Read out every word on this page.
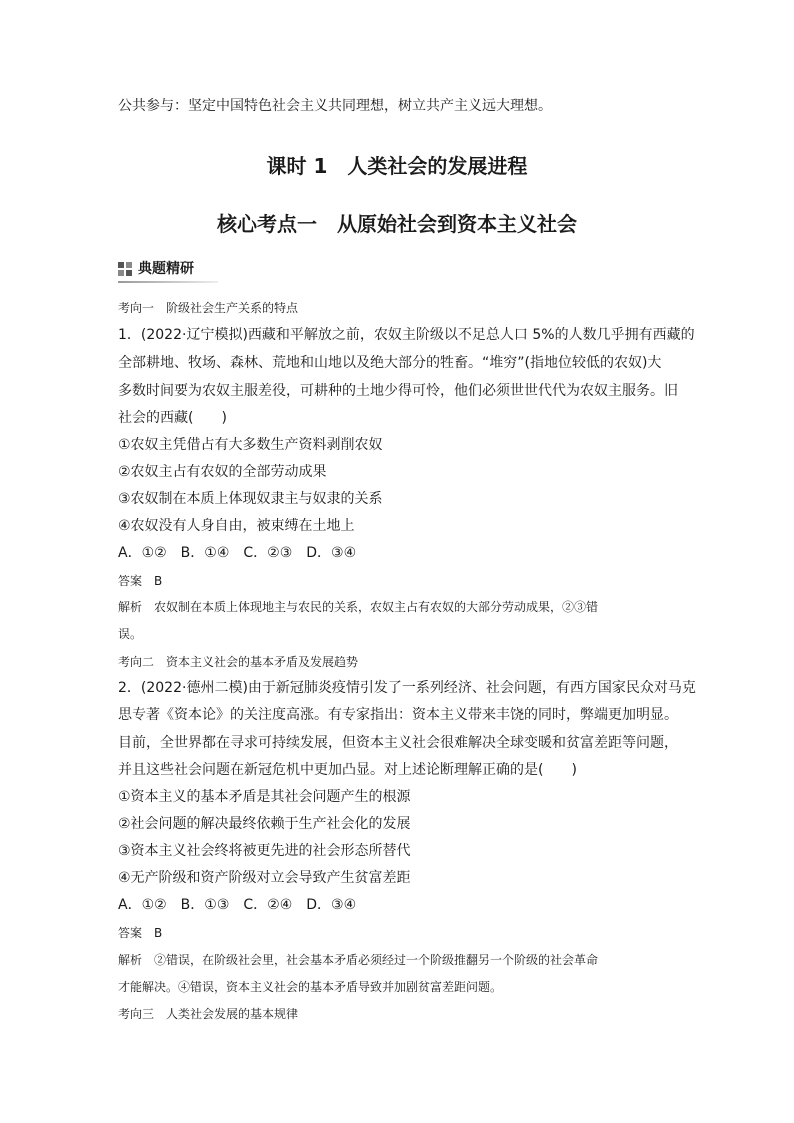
公共参与：坚定中国特色社会主义共同理想，树立共产主义远大理想。
课时 1　人类社会的发展进程
核心考点一　从原始社会到资本主义社会
典题精研
考向一　阶级社会生产关系的特点
1．(2022·辽宁模拟)西藏和平解放之前，农奴主阶级以不足总人口 5%的人数几乎拥有西藏的
全部耕地、牧场、森林、荒地和山地以及绝大部分的牲畜。“堆穷”(指地位较低的农奴)大
多数时间要为农奴主服差役，可耕种的土地少得可怜，他们必须世世代代为农奴主服务。旧
社会的西藏(　　)
①农奴主凭借占有大多数生产资料剥削农奴
②农奴主占有农奴的全部劳动成果
③农奴制在本质上体现奴隶主与奴隶的关系
④农奴没有人身自由，被束缚在土地上
A．①②　B．①④　C．②③　D．③④
答案　B
解析　农奴制在本质上体现地主与农民的关系，农奴主占有农奴的大部分劳动成果，②③错
误。
考向二　资本主义社会的基本矛盾及发展趋势
2．(2022·德州二模)由于新冠肺炎疫情引发了一系列经济、社会问题，有西方国家民众对马克
思专著《资本论》的关注度高涨。有专家指出：资本主义带来丰饶的同时，弊端更加明显。
目前，全世界都在寻求可持续发展，但资本主义社会很难解决全球变暖和贫富差距等问题，
并且这些社会问题在新冠危机中更加凸显。对上述论断理解正确的是(　　)
①资本主义的基本矛盾是其社会问题产生的根源
②社会问题的解决最终依赖于生产社会化的发展
③资本主义社会终将被更先进的社会形态所替代
④无产阶级和资产阶级对立会导致产生贫富差距
A．①②　B．①③　C．②④　D．③④
答案　B
解析　②错误，在阶级社会里，社会基本矛盾必须经过一个阶级推翻另一个阶级的社会革命
才能解决。④错误，资本主义社会的基本矛盾导致并加剧贫富差距问题。
考向三　人类社会发展的基本规律
